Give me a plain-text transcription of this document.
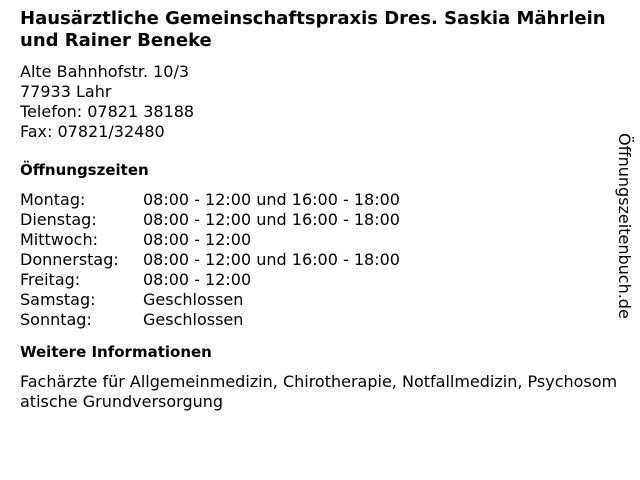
Hausärztliche Gemeinschaftspraxis Dres. Saskia Mährlein und Rainer Beneke
Alte Bahnhofstr. 10/3
77933 Lahr
Telefon: 07821 38188
Fax: 07821/32480
Öffnungszeiten
Montag:	08:00 - 12:00 und 16:00 - 18:00
Dienstag:	08:00 - 12:00 und 16:00 - 18:00
Mittwoch:	08:00 - 12:00
Donnerstag:	08:00 - 12:00 und 16:00 - 18:00
Freitag:	08:00 - 12:00
Samstag:	Geschlossen
Sonntag:	Geschlossen
Weitere Informationen
Fachärzte für Allgemeinmedizin, Chirotherapie, Notfallmedizin, Psychosomatische Grundversorgung
Öffnungszeitenbuch.de
